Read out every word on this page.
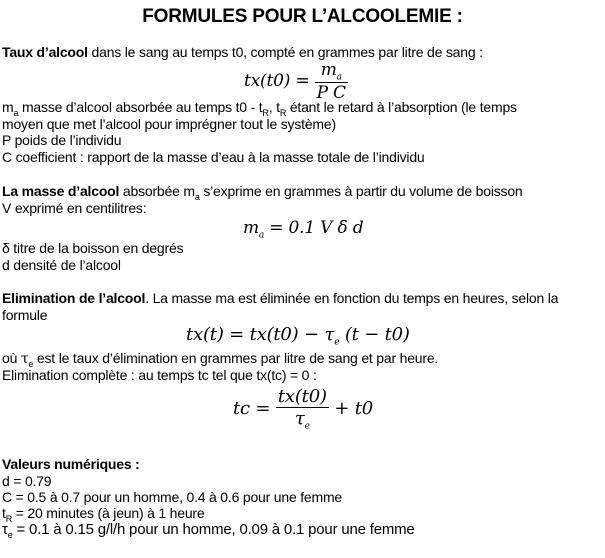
FORMULES POUR L’ALCOOLEMIE :
Taux d’alcool dans le sang au temps t0, compté en grammes par litre de sang :
$tx(t0) = \frac{m_a}{\text{P C}}$
$m_a$ masse d’alcool absorbée au temps $t0 - t_R$, $t_R$ étant le retard à l’absorption (le temps
moyen que met l’alcool pour imprégner tout le système)
P poids de l’individu
C coefficient : rapport de la masse d’eau à la masse totale de l’individu
La masse d’alcool absorbée $m_a$ s’exprime en grammes à partir du volume de boisson
V exprimé en centilitres:
$m_a = 0.1$ V δ d
δ titre de la boisson en degrés
d densité de l’alcool
Elimination de l’alcool. La masse ma est éliminée en fonction du temps en heures, selon la
formule
$tx(t) = tx(t0) - \tau_e$ (t − t0)
où $\tau_e$ est le taux d’élimination en grammes par litre de sang et par heure.
Elimination complète : au temps tc tel que tx(tc) = 0 :
tc = $\frac{tx(t0)}{\tau_e} + t0$
Valeurs numériques :
d = 0.79
C = 0.5 à 0.7 pour un homme, 0.4 à 0.6 pour une femme
$t_R = 20$ minutes (à jeun) à 1 heure
$\tau_e = 0.1$ à 0.15 g/l/h pour un homme, 0.09 à 0.1 pour une femme
